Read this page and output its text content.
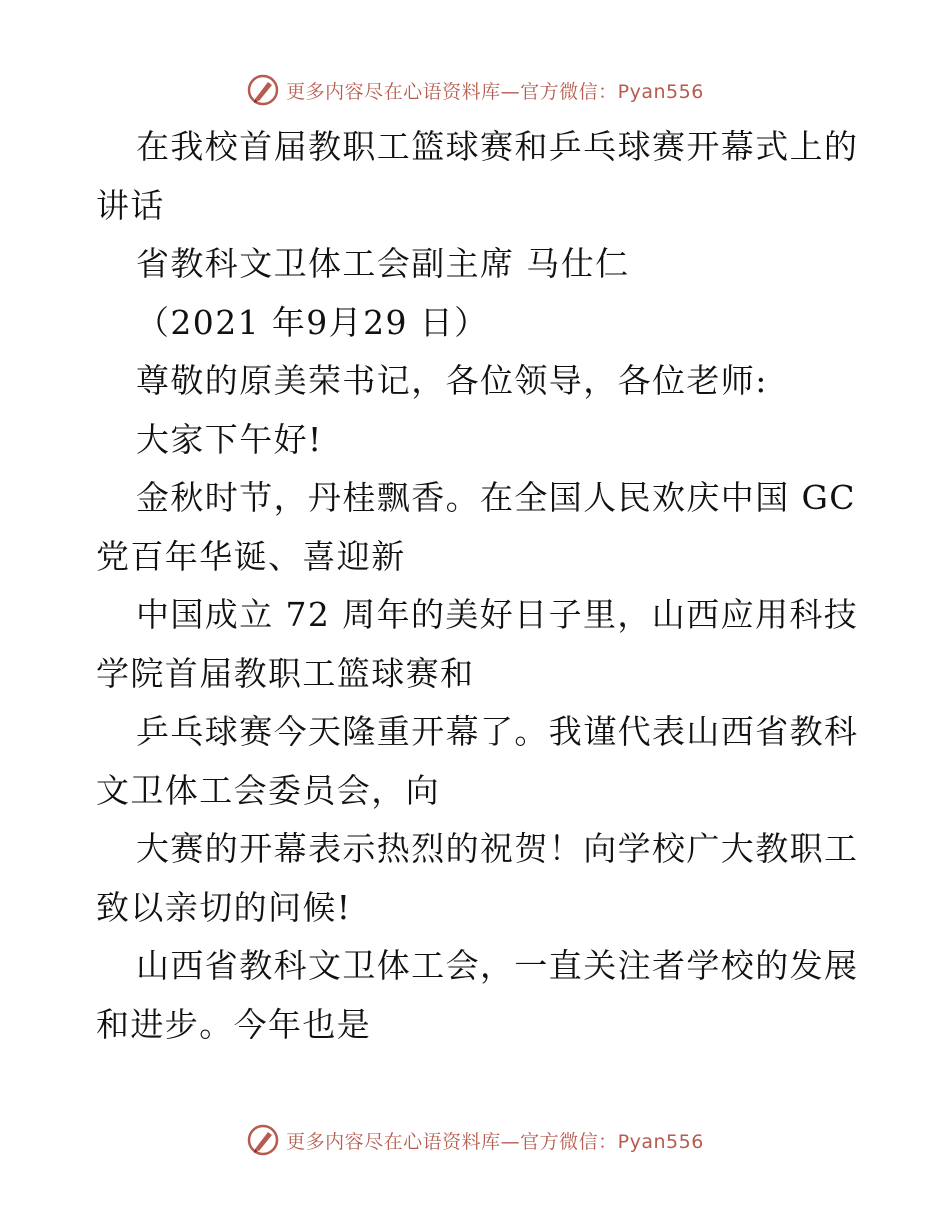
更多内容尽在心语资料库—官方微信：Pyan556
在我校首届教职工篮球赛和乒乓球赛开幕式上的
讲话
省教科文卫体工会副主席 马仕仁
（2021 年9月29 日）
尊敬的原美荣书记，各位领导，各位老师:
大家下午好!
金秋时节，丹桂飘香。在全国人民欢庆中国 GC
党百年华诞、喜迎新
中国成立 72 周年的美好日子里，山西应用科技
学院首届教职工篮球赛和
乒乓球赛今天隆重开幕了。我谨代表山西省教科
文卫体工会委员会，向
大赛的开幕表示热烈的祝贺！向学校广大教职工
致以亲切的问候!
山西省教科文卫体工会，一直关注者学校的发展
和进步。今年也是
更多内容尽在心语资料库—官方微信：Pyan556
